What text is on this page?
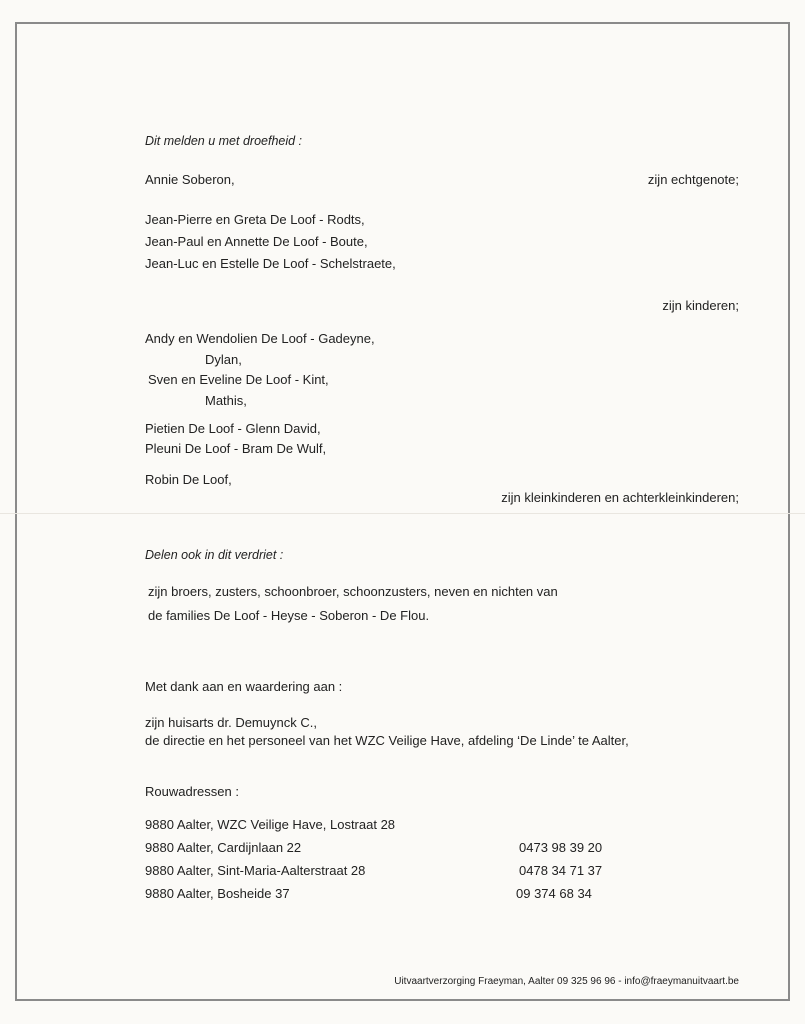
Dit melden u met droefheid :
Annie Soberon,	zijn echtgenote;
Jean-Pierre en Greta De Loof - Rodts,
Jean-Paul en Annette De Loof - Boute,
Jean-Luc en Estelle De Loof - Schelstraete,
zijn kinderen;
Andy en Wendolien De Loof - Gadeyne,
Dylan,
Sven en Eveline De Loof - Kint,
Mathis,
Pietien De Loof - Glenn David,
Pleuni De Loof - Bram De Wulf,
Robin De Loof,
zijn kleinkinderen en achterkleinkinderen;
Delen ook in dit verdriet :
zijn broers, zusters, schoonbroer, schoonzusters, neven en nichten van
de families De Loof - Heyse - Soberon - De Flou.
Met dank aan en waardering aan :
zijn huisarts dr. Demuynck C.,
de directie en het personeel van het WZC Veilige Have, afdeling ‘De Linde’ te Aalter,
Rouwadressen :
9880 Aalter, WZC Veilige Have, Lostraat 28
9880 Aalter, Cardijnlaan 22	0473 98 39 20
9880 Aalter, Sint-Maria-Aalterstraat 28	0478 34 71 37
9880 Aalter, Bosheide 37	09 374 68 34
Uitvaartverzorging Fraeyman, Aalter 09 325 96 96 - info@fraeymanuitvaart.be
